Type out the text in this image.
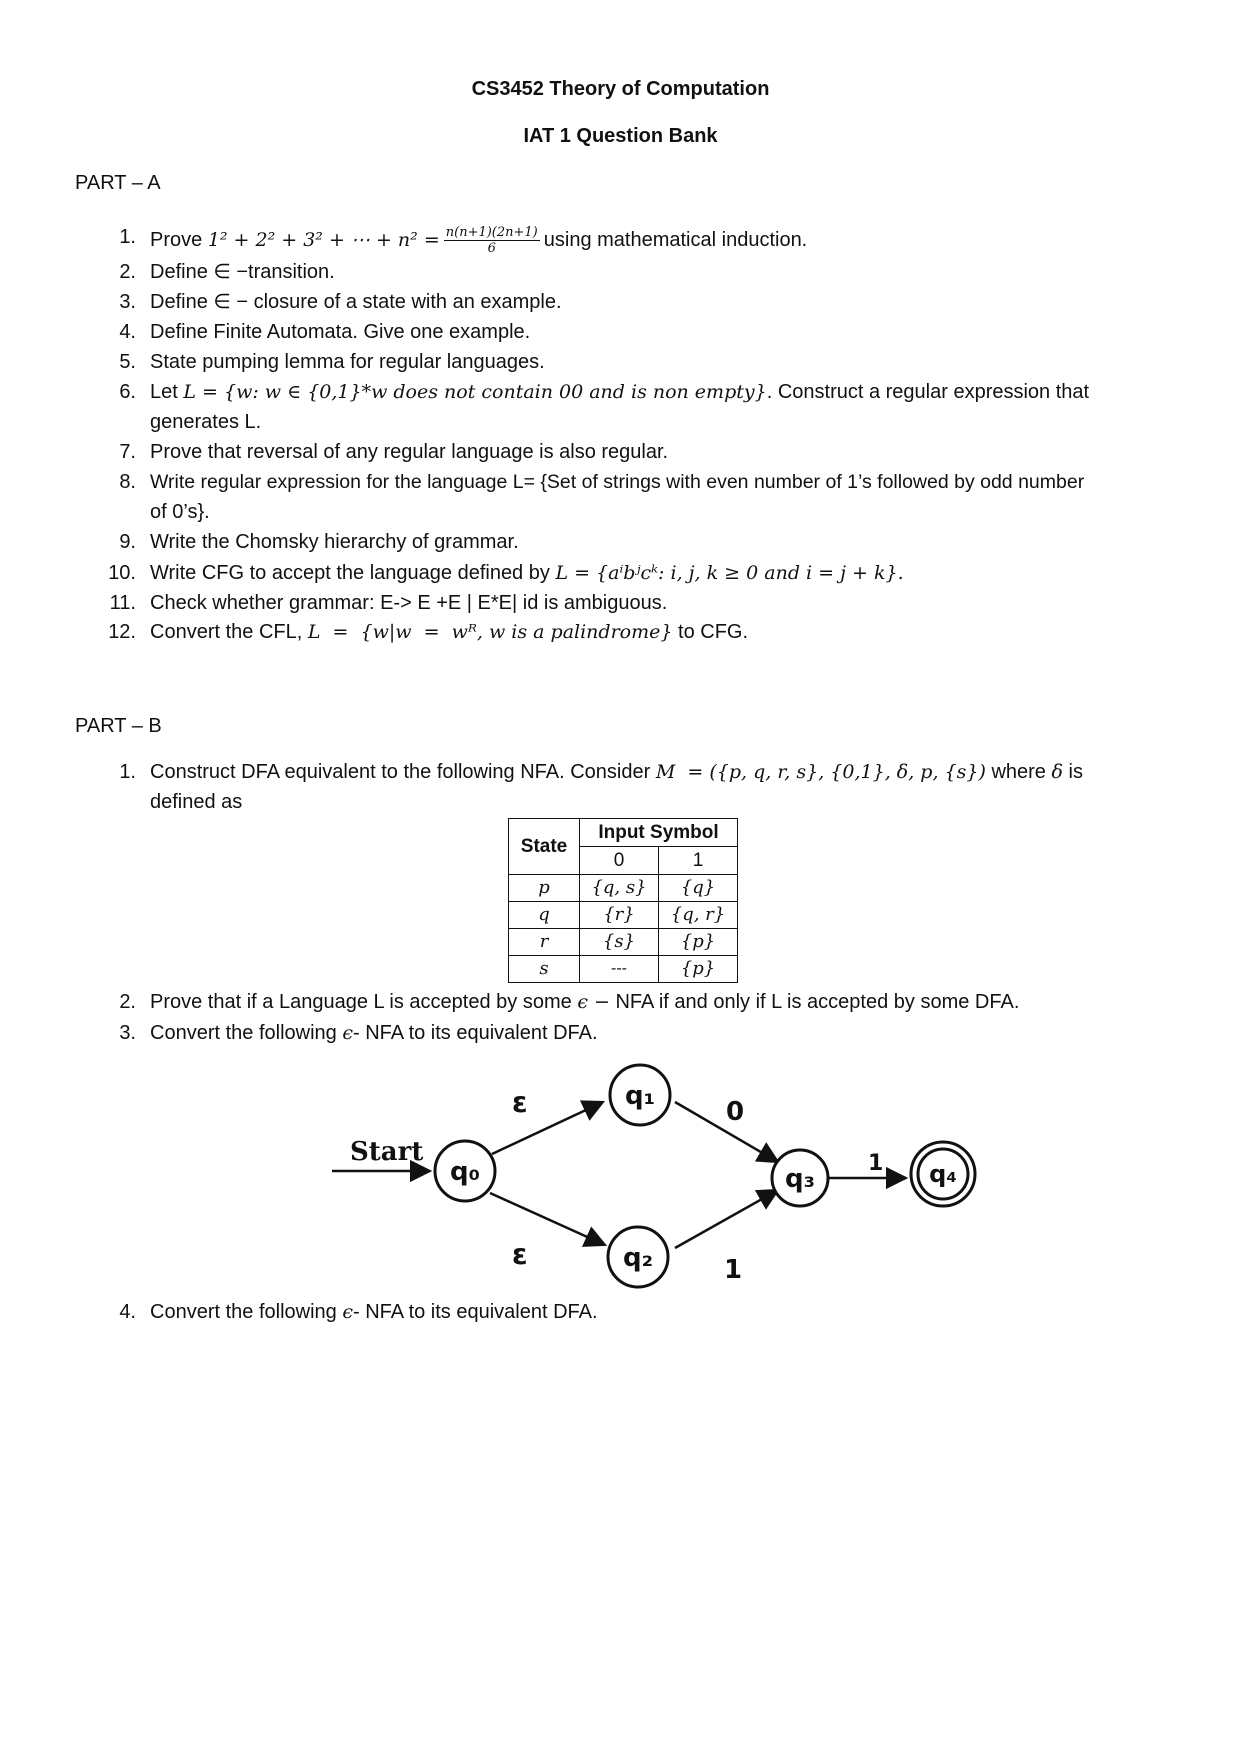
CS3452 Theory of Computation
IAT 1 Question Bank
PART – A
1. Prove 1² + 2² + 3² + ⋯ + $n^2 = \frac{n(n+1)(2n+1)}{6}$ using mathematical induction.
2. Define ∈ −transition.
3. Define ∈ − closure of a state with an example.
4. Define Finite Automata. Give one example.
5. State pumping lemma for regular languages.
6. Let L = {w: w ∈ {0,1}*w does not contain 00 and is non empty}. Construct a regular expression that
generates L.
7. Prove that reversal of any regular language is also regular.
8. Write regular expression for the language L= {Set of strings with even number of 1’s followed by odd number
of 0’s}.
9. Write the Chomsky hierarchy of grammar.
10. Write CFG to accept the language defined by L = {aⁱbʲcᵏ: i, j, k ≥ 0 and i = j + k}.
11. Check whether grammar: E-> E +E | E*E| id is ambiguous.
12. Convert the CFL, L  =  {w|w  =  wᴿ, w is a palindrome} to CFG.
PART – B
1. Construct DFA equivalent to the following NFA. Consider M  = ({p, q, r, s}, {0,1}, δ, p, {s}) where δ is
defined as
State	Input Symbol	
	0	1
p	{q, s}	{q}
q	{r}	{q, r}
r	{s}	{p}
s	---	{p}
2. Prove that if a Language L is accepted by some ϵ − NFA if and only if L is accepted by some DFA.
3. Convert the following ϵ- NFA to its equivalent DFA.
Start
ε
ε
0
1
1
q₀
q₁
q₂
q₃	q₄
4. Convert the following ϵ- NFA to its equivalent DFA.
